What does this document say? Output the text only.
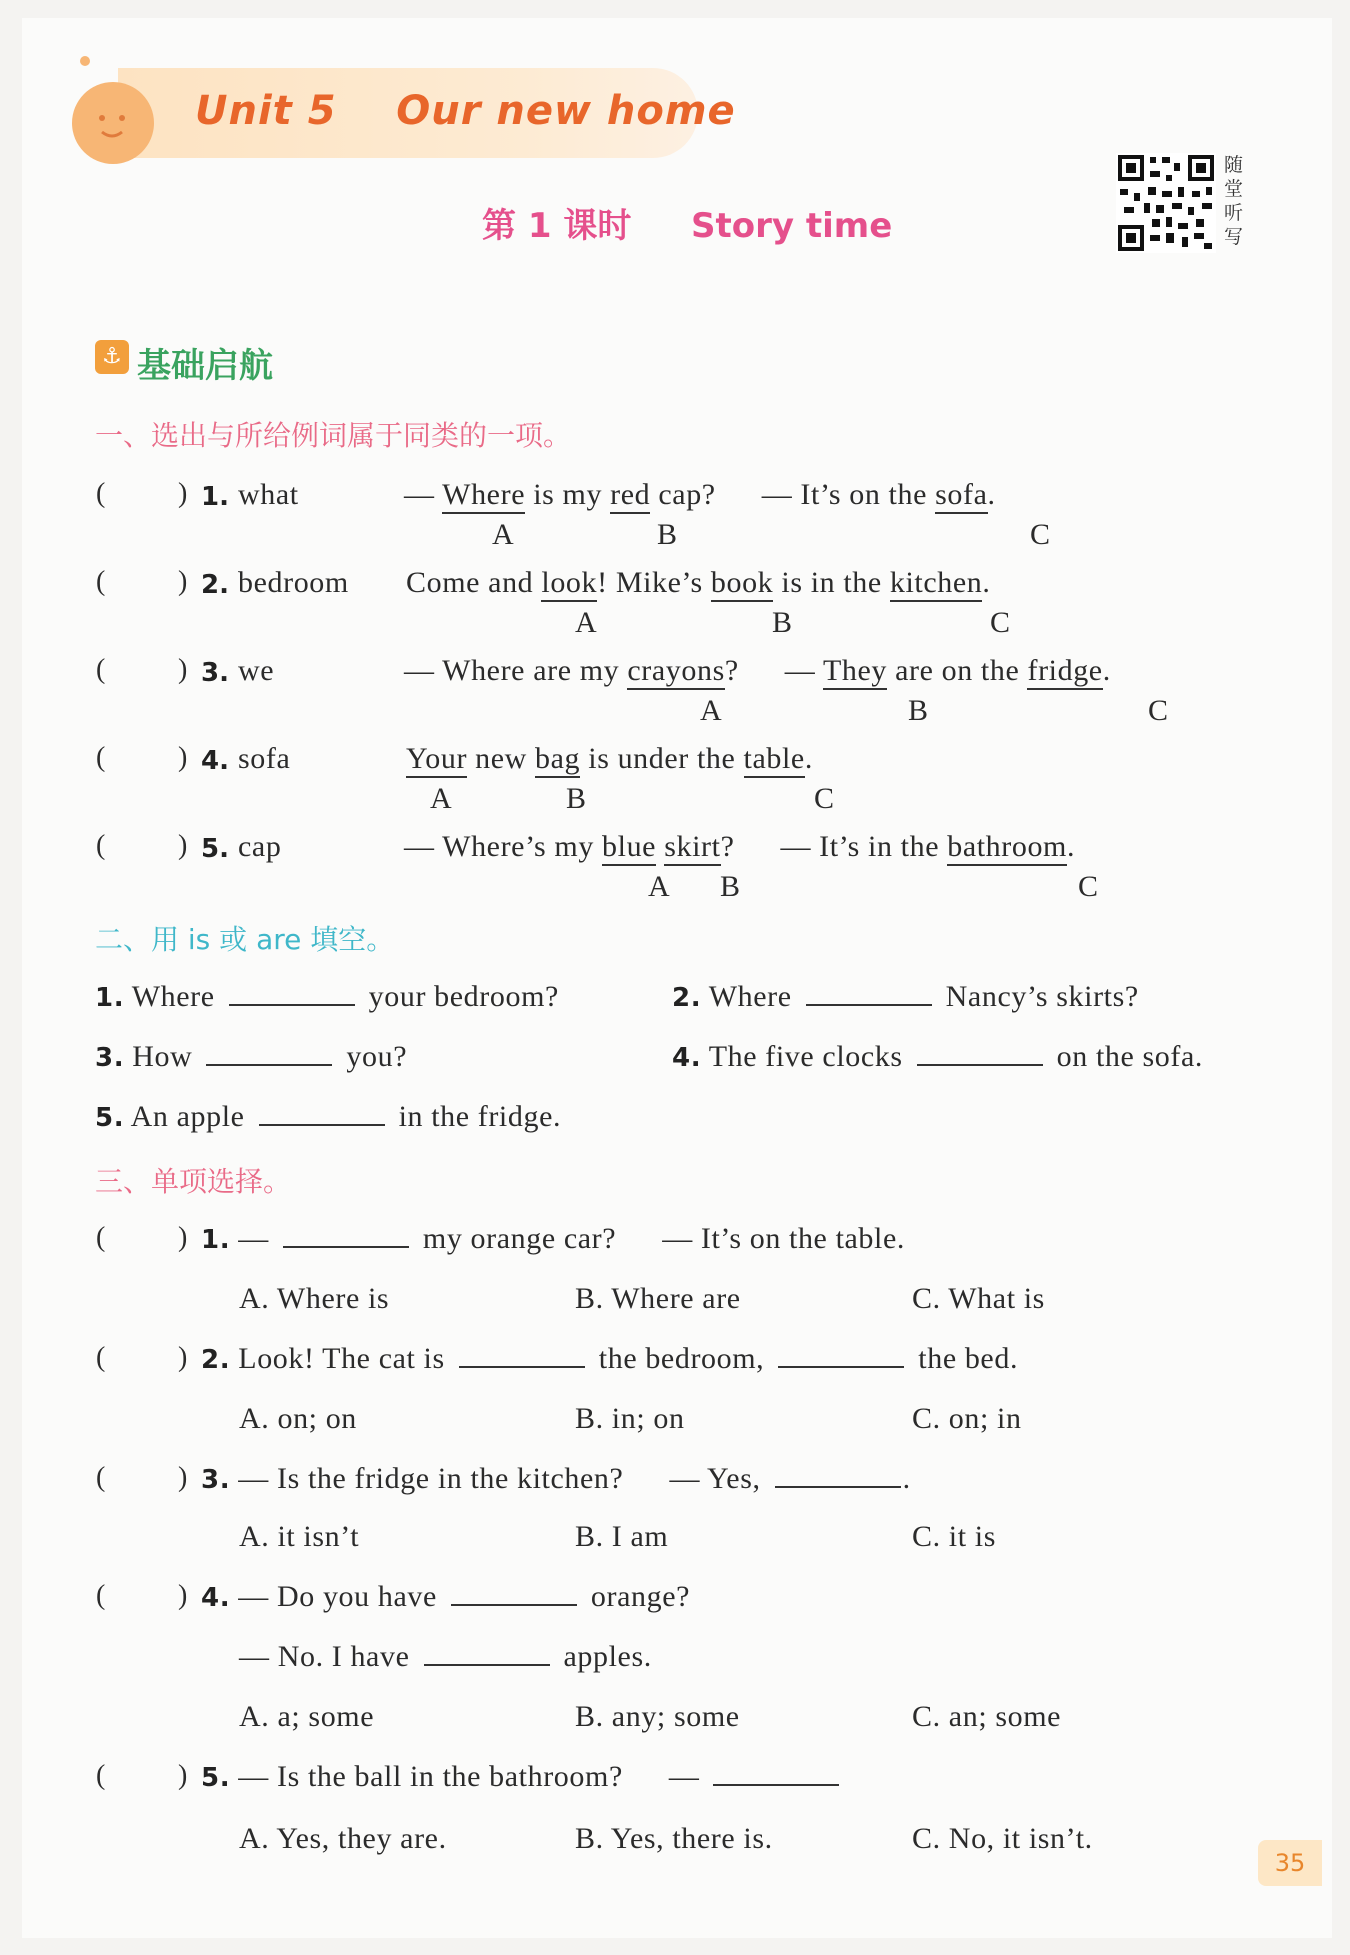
Unit 5    Our new home
第 1 课时 Story time
随堂听写
⚓ 基础启航
一、选出与所给例词属于同类的一项。
(	) 1. what	— Where is my red cap? — It’s on the sofa.
A	B	C
(	) 2. bedroom Come and look! Mike’s book is in the kitchen.
A	B	C
(	) 3. we	— Where are my crayons? — They are on the fridge.
A	B	C
(	) 4. sofa	Your new bag is under the table.
A	B	C
(	) 5. cap	— Where’s my blue skirt? — It’s in the bathroom.
A B	C
二、用 is 或 are 填空。
1. Where	your bedroom?	2. Where	Nancy’s skirts?
3. How	you?	4. The five clocks	on the sofa.
5. An apple	in the fridge.
三、单项选择。
(	) 1. —	my orange car? — It’s on the table.
A. Where is	B. Where are	C. What is
(	) 2. Look! The cat is	the bedroom,	the bed.
A. on; on	B. in; on	C. on; in
(	) 3. — Is the fridge in the kitchen? — Yes,	.
A. it isn’t	B. I am	C. it is
(	) 4. — Do you have	orange?
— No. I have	apples.
A. a; some	B. any; some	C. an; some
(	) 5. — Is the ball in the bathroom? —
A. Yes, they are.	B. Yes, there is.	C. No, it isn’t.
35
